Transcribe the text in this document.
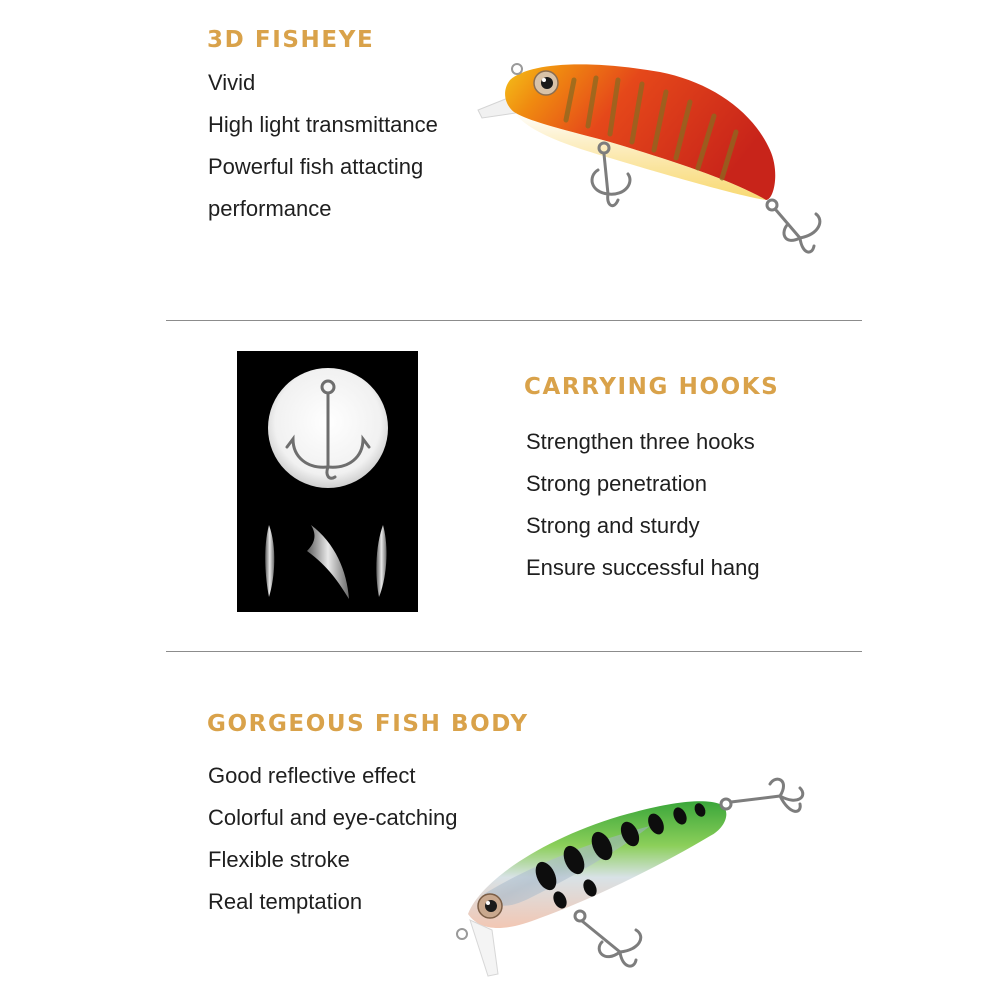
3D FISHEYE
Vivid
High light transmittance
Powerful fish attacting
performance
CARRYING HOOKS
Strengthen three hooks
Strong penetration
Strong and sturdy
Ensure successful hang
GORGEOUS FISH BODY
Good reflective effect
Colorful and eye-catching
Flexible stroke
Real temptation
